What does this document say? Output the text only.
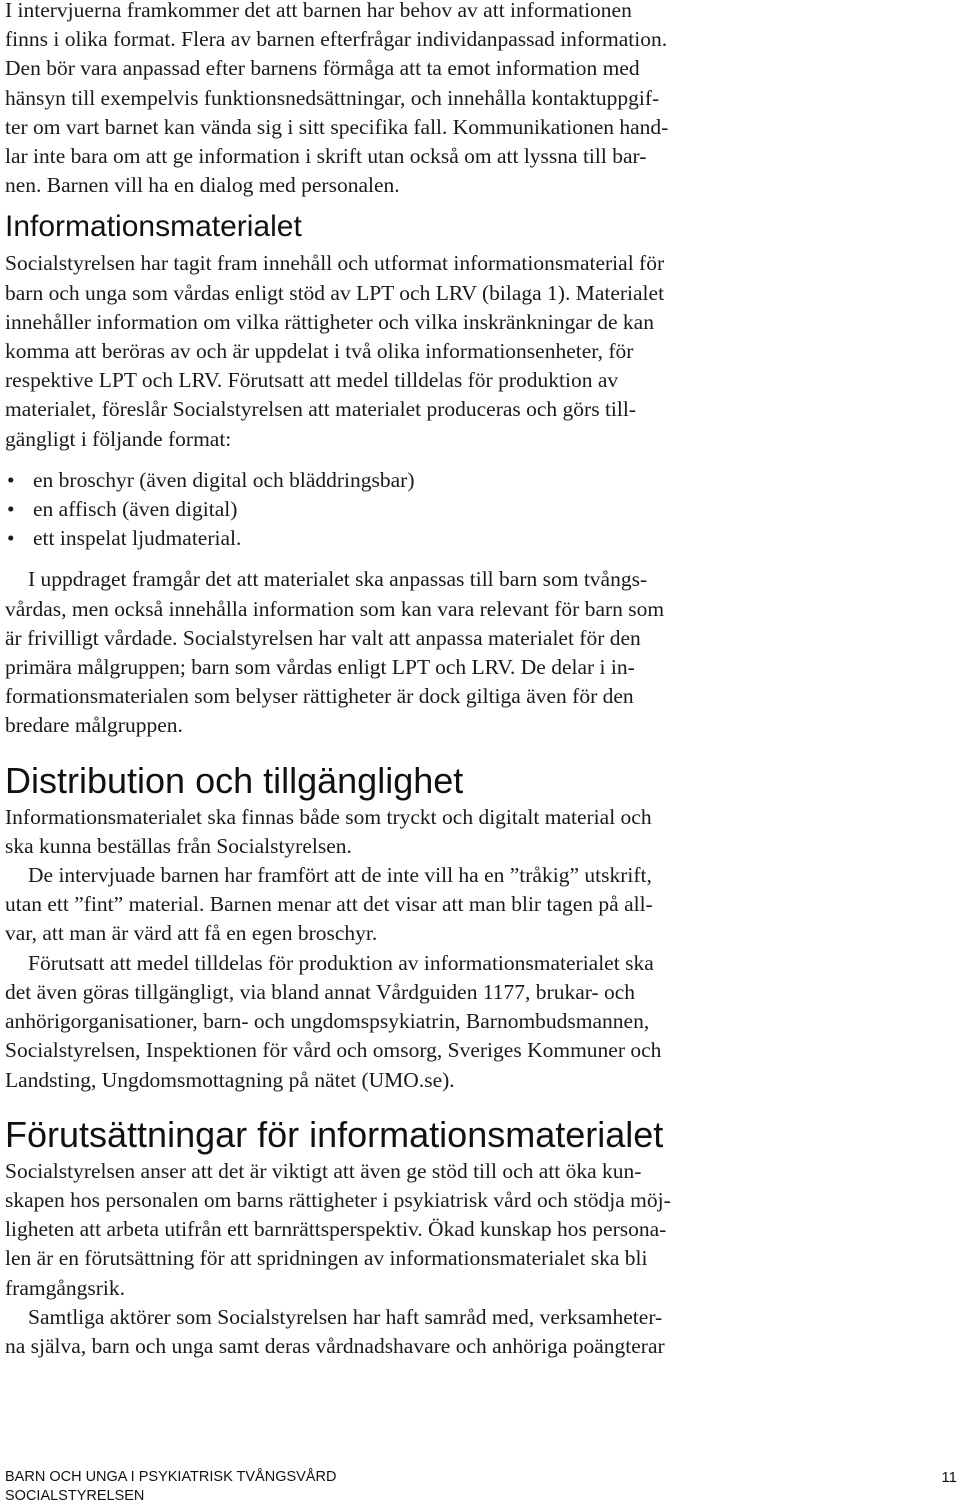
I intervjuerna framkommer det att barnen har behov av att informationen

finns i olika format. Flera av barnen efterfrågar individanpassad information.

Den bör vara anpassad efter barnens förmåga att ta emot information med

hänsyn till exempelvis funktionsnedsättningar, och innehålla kontaktuppgif-

ter om vart barnet kan vända sig i sitt specifika fall. Kommunikationen hand-

lar inte bara om att ge information i skrift utan också om att lyssna till bar-

nen. Barnen vill ha en dialog med personalen.

Informationsmaterialet

Socialstyrelsen har tagit fram innehåll och utformat informationsmaterial för

barn och unga som vårdas enligt stöd av LPT och LRV (bilaga 1). Materialet

innehåller information om vilka rättigheter och vilka inskränkningar de kan

komma att beröras av och är uppdelat i två olika informationsenheter, för

respektive LPT och LRV. Förutsatt att medel tilldelas för produktion av

materialet, föreslår Socialstyrelsen att materialet produceras och görs till-

gängligt i följande format:

• en broschyr (även digital och bläddringsbar)
• en affisch (även digital)
• ett inspelat ljudmaterial.

I uppdraget framgår det att materialet ska anpassas till barn som tvångs-

vårdas, men också innehålla information som kan vara relevant för barn som

är frivilligt vårdade. Socialstyrelsen har valt att anpassa materialet för den

primära målgruppen; barn som vårdas enligt LPT och LRV. De delar i in-

formationsmaterialen som belyser rättigheter är dock giltiga även för den

bredare målgruppen.

Distribution och tillgänglighet

Informationsmaterialet ska finnas både som tryckt och digitalt material och

ska kunna beställas från Socialstyrelsen.

De intervjuade barnen har framfört att de inte vill ha en ”tråkig” utskrift,

utan ett ”fint” material. Barnen menar att det visar att man blir tagen på all-

var, att man är värd att få en egen broschyr.

Förutsatt att medel tilldelas för produktion av informationsmaterialet ska

det även göras tillgängligt, via bland annat Vårdguiden 1177, brukar- och

anhörigorganisationer, barn- och ungdomspsykiatrin, Barnombudsmannen,

Socialstyrelsen, Inspektionen för vård och omsorg, Sveriges Kommuner och

Landsting, Ungdomsmottagning på nätet (UMO.se).

Förutsättningar för informationsmaterialet

Socialstyrelsen anser att det är viktigt att även ge stöd till och att öka kun-

skapen hos personalen om barns rättigheter i psykiatrisk vård och stödja möj-

ligheten att arbeta utifrån ett barnrättsperspektiv. Ökad kunskap hos persona-

len är en förutsättning för att spridningen av informationsmaterialet ska bli

framgångsrik.

Samtliga aktörer som Socialstyrelsen har haft samråd med, verksamheter-

na själva, barn och unga samt deras vårdnadshavare och anhöriga poängterar

BARN OCH UNGA I PSYKIATRISK TVÅNGSVÅRD
SOCIALSTYRELSEN
11
